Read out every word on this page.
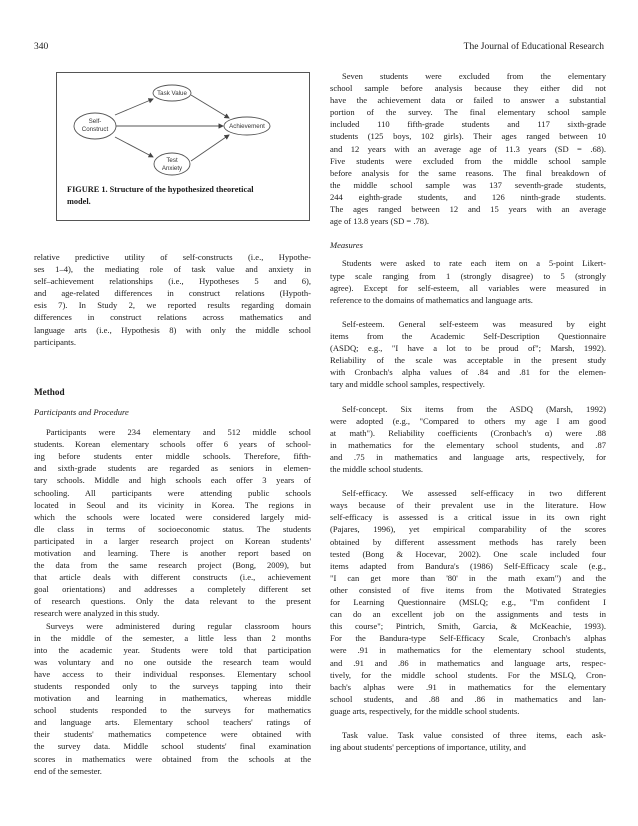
340	The Journal of Educational Research
Task Value
Self-
Construct	Achievement
Test
Anxiety
FIGURE 1. Structure of the hypothesized theoretical
model.
relative predictive utility of self-constructs (i.e., Hypothe-
ses 1–4), the mediating role of task value and anxiety in
self–achievement relationships (i.e., Hypotheses 5 and 6),
and age-related differences in construct relations (Hypoth-
esis 7). In Study 2, we reported results regarding domain
differences in construct relations across mathematics and
language arts (i.e., Hypothesis 8) with only the middle school
participants.

Method

Participants and Procedure

Participants were 234 elementary and 512 middle school
students. Korean elementary schools offer 6 years of school-
ing before students enter middle schools. Therefore, fifth-
and sixth-grade students are regarded as seniors in elemen-
tary schools. Middle and high schools each offer 3 years of
schooling. All participants were attending public schools
located in Seoul and its vicinity in Korea. The regions in
which the schools were located were considered largely mid-
dle class in terms of socioeconomic status. The students
participated in a larger research project on Korean students'
motivation and learning. There is another report based on
the data from the same research project (Bong, 2009), but
that article deals with different constructs (i.e., achievement
goal orientations) and addresses a completely different set
of research questions. Only the data relevant to the present
research were analyzed in this study.
Surveys were administered during regular classroom hours
in the middle of the semester, a little less than 2 months
into the academic year. Students were told that participation
was voluntary and no one outside the research team would
have access to their individual responses. Elementary school
students responded only to the surveys tapping into their
motivation and learning in mathematics, whereas middle
school students responded to the surveys for mathematics
and language arts. Elementary school teachers' ratings of
their students' mathematics competence were obtained with
the survey data. Middle school students' final examination
scores in mathematics were obtained from the schools at the
end of the semester.
Seven students were excluded from the elementary
school sample before analysis because they either did not
have the achievement data or failed to answer a substantial
portion of the survey. The final elementary school sample
included 110 fifth-grade students and 117 sixth-grade
students (125 boys, 102 girls). Their ages ranged between 10
and 12 years with an average age of 11.3 years (SD = .68).
Five students were excluded from the middle school sample
before analysis for the same reasons. The final breakdown of
the middle school sample was 137 seventh-grade students,
244 eighth-grade students, and 126 ninth-grade students.
The ages ranged between 12 and 15 years with an average
age of 13.8 years (SD = .78).

Measures

Students were asked to rate each item on a 5-point Likert-
type scale ranging from 1 (strongly disagree) to 5 (strongly
agree). Except for self-esteem, all variables were measured in
reference to the domains of mathematics and language arts.
Self-esteem. General self-esteem was measured by eight
items from the Academic Self-Description Questionnaire
(ASDQ; e.g., "I have a lot to be proud of"; Marsh, 1992).
Reliability of the scale was acceptable in the present study
with Cronbach's alpha values of .84 and .81 for the elemen-
tary and middle school samples, respectively.
Self-concept. Six items from the ASDQ (Marsh, 1992)
were adopted (e.g., "Compared to others my age I am good
at math"). Reliability coefficients (Cronbach's α) were .88
in mathematics for the elementary school students, and .87
and .75 in mathematics and language arts, respectively, for
the middle school students.
Self-efficacy. We assessed self-efficacy in two different
ways because of their prevalent use in the literature. How
self-efficacy is assessed is a critical issue in its own right
(Pajares, 1996), yet empirical comparability of the scores
obtained by different assessment methods has rarely been
tested (Bong & Hocevar, 2002). One scale included four
items adapted from Bandura's (1986) Self-Efficacy scale (e.g.,
"I can get more than '80' in the math exam") and the
other consisted of five items from the Motivated Strategies
for Learning Questionnaire (MSLQ; e.g., "I'm confident I
can do an excellent job on the assignments and tests in
this course"; Pintrich, Smith, Garcia, & McKeachie, 1993).
For the Bandura-type Self-Efficacy Scale, Cronbach's alphas
were .91 in mathematics for the elementary school students,
and .91 and .86 in mathematics and language arts, respec-
tively, for the middle school students. For the MSLQ, Cron-
bach's alphas were .91 in mathematics for the elementary
school students, and .88 and .86 in mathematics and lan-
guage arts, respectively, for the middle school students.
Task value. Task value consisted of three items, each ask-
ing about students' perceptions of importance, utility, and
